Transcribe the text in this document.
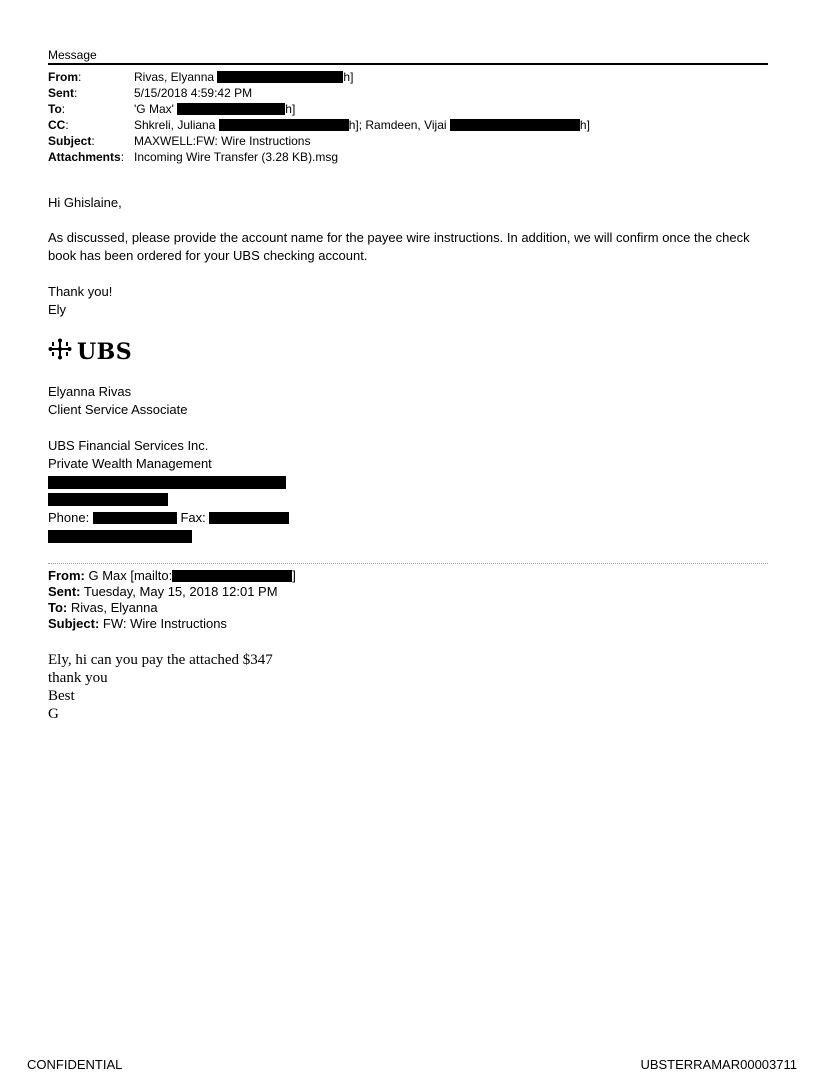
Message
From:	Rivas, Elyanna	h]
Sent:	5/15/2018 4:59:42 PM
To:	'G Max'	h]
CC:	Shkreli, Juliana	h]; Ramdeen, Vijai	h]
Subject:	MAXWELL:FW: Wire Instructions
Attachments: Incoming Wire Transfer (3.28 KB).msg
Hi Ghislaine,
As discussed, please provide the account name for the payee wire instructions. In addition, we will confirm once the check book has been ordered for your UBS checking account.
Thank you!
Ely
UBS
Elyanna Rivas
Client Service Associate
UBS Financial Services Inc.
Private Wealth Management
Phone:	Fax:
From: G Max [mailto:	]
Sent: Tuesday, May 15, 2018 12:01 PM
To: Rivas, Elyanna
Subject: FW: Wire Instructions
Ely, hi can you pay the attached $347
thank you
Best
G
CONFIDENTIAL	UBSTERRAMAR00003711
